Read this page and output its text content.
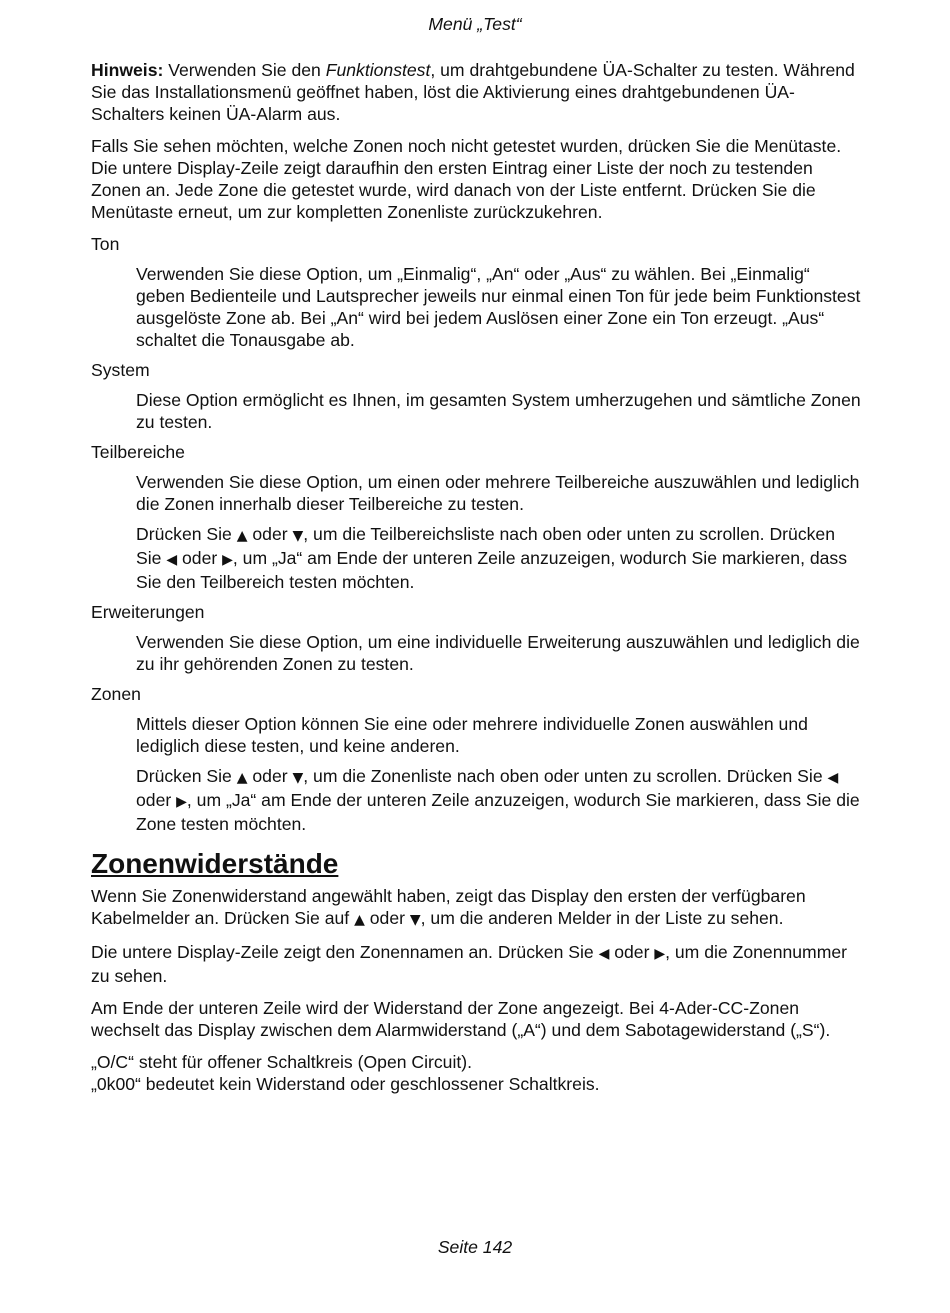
Menü „Test“

Hinweis: Verwenden Sie den Funktionstest, um drahtgebundene ÜA-Schalter zu testen. Während Sie das Installationsmenü geöffnet haben, löst die Aktivierung eines drahtgebundenen ÜA-Schalters keinen ÜA-Alarm aus.

Falls Sie sehen möchten, welche Zonen noch nicht getestet wurden, drücken Sie die Menütaste. Die untere Display-Zeile zeigt daraufhin den ersten Eintrag einer Liste der noch zu testenden Zonen an. Jede Zone die getestet wurde, wird danach von der Liste entfernt. Drücken Sie die Menütaste erneut, um zur kompletten Zonenliste zurückzukehren.

Ton

Verwenden Sie diese Option, um „Einmalig“, „An“ oder „Aus“ zu wählen. Bei „Einmalig“ geben Bedienteile und Lautsprecher jeweils nur einmal einen Ton für jede beim Funktionstest ausgelöste Zone ab. Bei „An“ wird bei jedem Auslösen einer Zone ein Ton erzeugt. „Aus“ schaltet die Tonausgabe ab.

System

Diese Option ermöglicht es Ihnen, im gesamten System umherzugehen und sämtliche Zonen zu testen.

Teilbereiche

Verwenden Sie diese Option, um einen oder mehrere Teilbereiche auszuwählen und lediglich die Zonen innerhalb dieser Teilbereiche zu testen.

Drücken Sie ▲ oder ▼, um die Teilbereichsliste nach oben oder unten zu scrollen. Drücken Sie ◀ oder ▶, um „Ja“ am Ende der unteren Zeile anzuzeigen, wodurch Sie markieren, dass Sie den Teilbereich testen möchten.

Erweiterungen

Verwenden Sie diese Option, um eine individuelle Erweiterung auszuwählen und lediglich die zu ihr gehörenden Zonen zu testen.

Zonen

Mittels dieser Option können Sie eine oder mehrere individuelle Zonen auswählen und lediglich diese testen, und keine anderen.

Drücken Sie ▲ oder ▼, um die Zonenliste nach oben oder unten zu scrollen. Drücken Sie ◀ oder ▶, um „Ja“ am Ende der unteren Zeile anzuzeigen, wodurch Sie markieren, dass Sie die Zone testen möchten.

Zonenwiderstände

Wenn Sie Zonenwiderstand angewählt haben, zeigt das Display den ersten der verfügbaren Kabelmelder an. Drücken Sie auf ▲ oder ▼, um die anderen Melder in der Liste zu sehen.

Die untere Display-Zeile zeigt den Zonennamen an. Drücken Sie ◀ oder ▶, um die Zonennummer zu sehen.

Am Ende der unteren Zeile wird der Widerstand der Zone angezeigt. Bei 4-Ader-CC-Zonen wechselt das Display zwischen dem Alarmwiderstand („A“) und dem Sabotagewiderstand („S“).

„O/C“ steht für offener Schaltkreis (Open Circuit).
„0k00“ bedeutet kein Widerstand oder geschlossener Schaltkreis.

Seite 142
